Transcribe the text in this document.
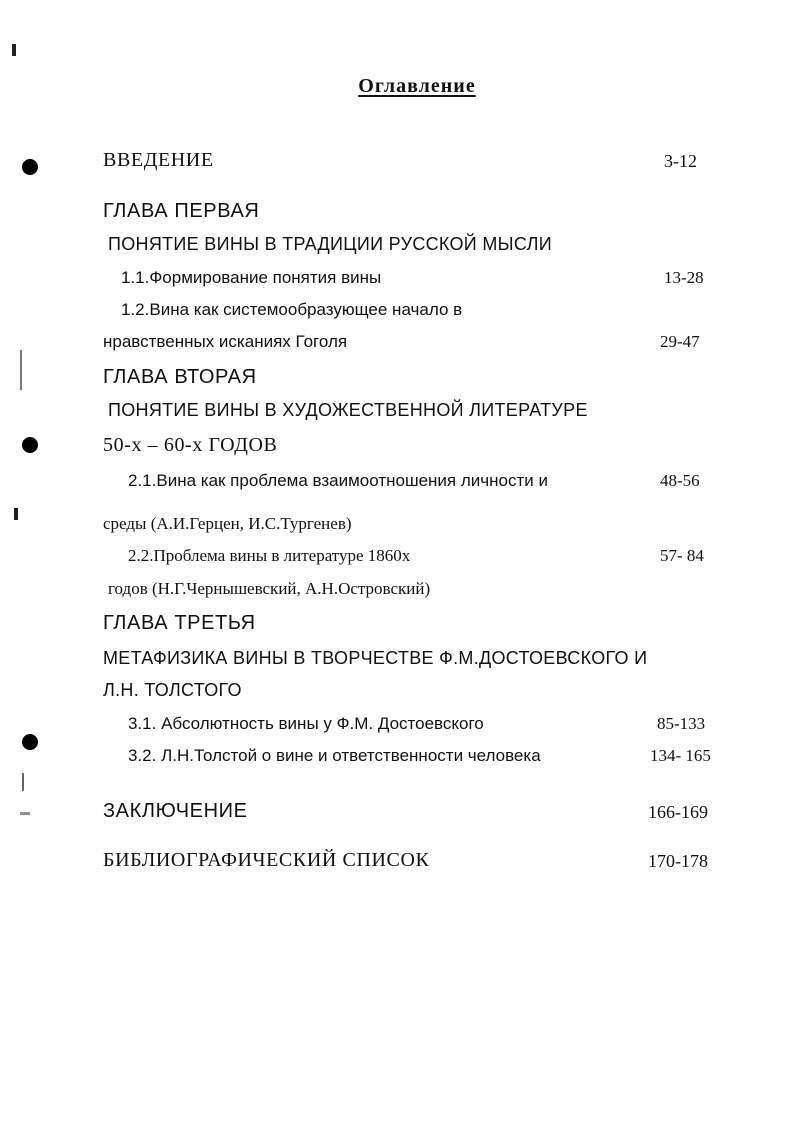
Оглавление
ВВЕДЕНИЕ	3-12
ГЛАВА ПЕРВАЯ
ПОНЯТИЕ ВИНЫ В ТРАДИЦИИ РУССКОЙ МЫСЛИ
1.1.Формирование понятия вины	13-28
1.2.Вина как системообразующее начало в
нравственных исканиях Гоголя	29-47
ГЛАВА ВТОРАЯ
ПОНЯТИЕ ВИНЫ В ХУДОЖЕСТВЕННОЙ ЛИТЕРАТУРЕ
50-х – 60-х ГОДОВ
2.1.Вина как проблема взаимоотношения личности и	48-56
среды (А.И.Герцен, И.С.Тургенев)
2.2.Проблема вины в литературе 1860х	57- 84
годов (Н.Г.Чернышевский, А.Н.Островский)
ГЛАВА ТРЕТЬЯ
МЕТАФИЗИКА ВИНЫ В ТВОРЧЕСТВЕ Ф.М.ДОСТОЕВСКОГО И
Л.Н. ТОЛСТОГО
3.1. Абсолютность вины у Ф.М. Достоевского	85-133
3.2. Л.Н.Толстой о вине и ответственности человека	134- 165
ЗАКЛЮЧЕНИЕ	166-169
БИБЛИОГРАФИЧЕСКИЙ СПИСОК	170-178
